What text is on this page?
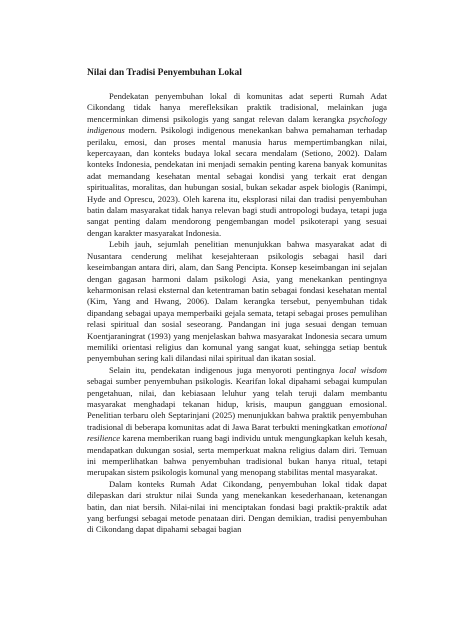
Nilai dan Tradisi Penyembuhan Lokal

Pendekatan penyembuhan lokal di komunitas adat seperti Rumah Adat Cikondang tidak hanya merefleksikan praktik tradisional, melainkan juga mencerminkan dimensi psikologis yang sangat relevan dalam kerangka psychology indigenous modern. Psikologi indigenous menekankan bahwa pemahaman terhadap perilaku, emosi, dan proses mental manusia harus mempertimbangkan nilai, kepercayaan, dan konteks budaya lokal secara mendalam (Setiono, 2002). Dalam konteks Indonesia, pendekatan ini menjadi semakin penting karena banyak komunitas adat memandang kesehatan mental sebagai kondisi yang terkait erat dengan spiritualitas, moralitas, dan hubungan sosial, bukan sekadar aspek biologis (Ranimpi, Hyde and Oprescu, 2023). Oleh karena itu, eksplorasi nilai dan tradisi penyembuhan batin dalam masyarakat tidak hanya relevan bagi studi antropologi budaya, tetapi juga sangat penting dalam mendorong pengembangan model psikoterapi yang sesuai dengan karakter masyarakat Indonesia.

Lebih jauh, sejumlah penelitian menunjukkan bahwa masyarakat adat di Nusantara cenderung melihat kesejahteraan psikologis sebagai hasil dari keseimbangan antara diri, alam, dan Sang Pencipta. Konsep keseimbangan ini sejalan dengan gagasan harmoni dalam psikologi Asia, yang menekankan pentingnya keharmonisan relasi eksternal dan ketentraman batin sebagai fondasi kesehatan mental (Kim, Yang and Hwang, 2006). Dalam kerangka tersebut, penyembuhan tidak dipandang sebagai upaya memperbaiki gejala semata, tetapi sebagai proses pemulihan relasi spiritual dan sosial seseorang. Pandangan ini juga sesuai dengan temuan Koentjaraningrat (1993) yang menjelaskan bahwa masyarakat Indonesia secara umum memiliki orientasi religius dan komunal yang sangat kuat, sehingga setiap bentuk penyembuhan sering kali dilandasi nilai spiritual dan ikatan sosial.

Selain itu, pendekatan indigenous juga menyoroti pentingnya local wisdom sebagai sumber penyembuhan psikologis. Kearifan lokal dipahami sebagai kumpulan pengetahuan, nilai, dan kebiasaan leluhur yang telah teruji dalam membantu masyarakat menghadapi tekanan hidup, krisis, maupun gangguan emosional. Penelitian terbaru oleh Septarinjani (2025) menunjukkan bahwa praktik penyembuhan tradisional di beberapa komunitas adat di Jawa Barat terbukti meningkatkan emotional resilience karena memberikan ruang bagi individu untuk mengungkapkan keluh kesah, mendapatkan dukungan sosial, serta memperkuat makna religius dalam diri. Temuan ini memperlihatkan bahwa penyembuhan tradisional bukan hanya ritual, tetapi merupakan sistem psikologis komunal yang menopang stabilitas mental masyarakat.

Dalam konteks Rumah Adat Cikondang, penyembuhan lokal tidak dapat dilepaskan dari struktur nilai Sunda yang menekankan kesederhanaan, ketenangan batin, dan niat bersih. Nilai-nilai ini menciptakan fondasi bagi praktik-praktik adat yang berfungsi sebagai metode penataan diri. Dengan demikian, tradisi penyembuhan di Cikondang dapat dipahami sebagai bagian
